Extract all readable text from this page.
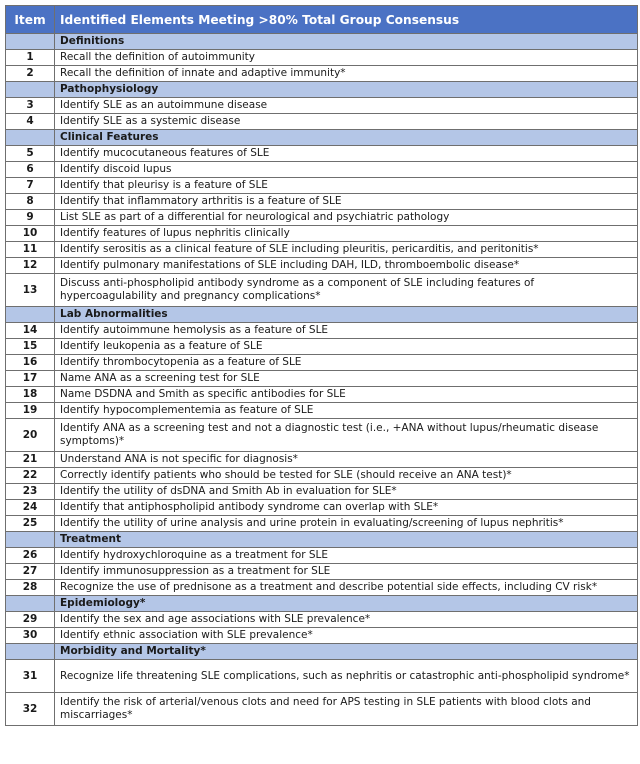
Item	Identified Elements Meeting >80% Total Group Consensus
	Definitions
1	Recall the definition of autoimmunity
2	Recall the definition of innate and adaptive immunity*
	Pathophysiology
3	Identify SLE as an autoimmune disease
4	Identify SLE as a systemic disease
	Clinical Features
5	Identify mucocutaneous features of SLE
6	Identify discoid lupus
7	Identify that pleurisy is a feature of SLE
8	Identify that inflammatory arthritis is a feature of SLE
9	List SLE as part of a differential for neurological and psychiatric pathology
10	Identify features of lupus nephritis clinically
11	Identify serositis as a clinical feature of SLE including pleuritis, pericarditis, and peritonitis*
12	Identify pulmonary manifestations of SLE including DAH, ILD, thromboembolic disease*
13	Discuss anti-phospholipid antibody syndrome as a component of SLE including features of hypercoagulability and pregnancy complications*
	Lab Abnormalities
14	Identify autoimmune hemolysis as a feature of SLE
15	Identify leukopenia as a feature of SLE
16	Identify thrombocytopenia as a feature of SLE
17	Name ANA as a screening test for SLE
18	Name DSDNA and Smith as specific antibodies for SLE
19	Identify hypocomplementemia as feature of SLE
20	Identify ANA as a screening test and not a diagnostic test (i.e., +ANA without lupus/rheumatic disease symptoms)*
21	Understand ANA is not specific for diagnosis*
22	Correctly identify patients who should be tested for SLE (should receive an ANA test)*
23	Identify the utility of dsDNA and Smith Ab in evaluation for SLE*
24	Identify that antiphospholipid antibody syndrome can overlap with SLE*
25	Identify the utility of urine analysis and urine protein in evaluating/screening of lupus nephritis*
	Treatment
26	Identify hydroxychloroquine as a treatment for SLE
27	Identify immunosuppression as a treatment for SLE
28	Recognize the use of prednisone as a treatment and describe potential side effects, including CV risk*
	Epidemiology*
29	Identify the sex and age associations with SLE prevalence*
30	Identify ethnic association with SLE prevalence*
	Morbidity and Mortality*
31	Recognize life threatening SLE complications, such as nephritis or catastrophic anti-phospholipid syndrome*
32	Identify the risk of arterial/venous clots and need for APS testing in SLE patients with blood clots and miscarriages*
